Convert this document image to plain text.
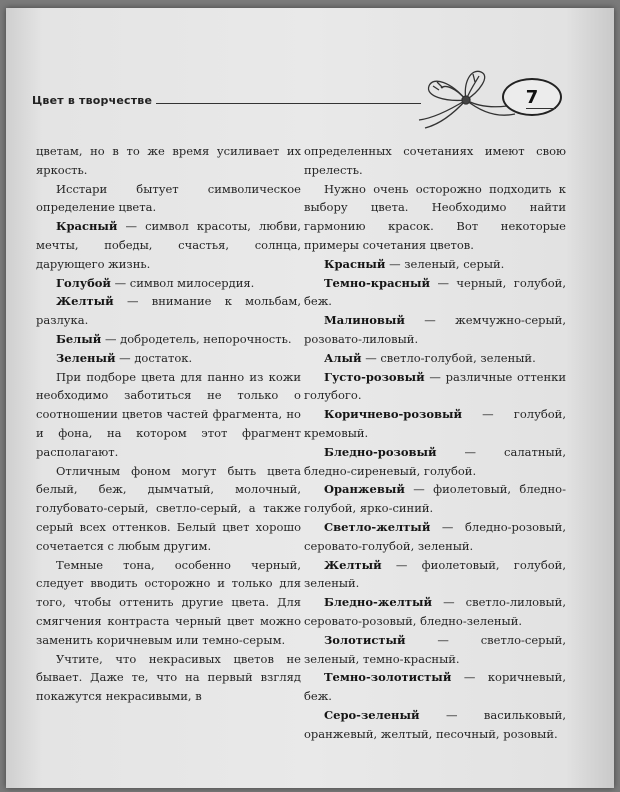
Цвет в творчестве	7

цветам, но в то же время усиливает их яркость.

Исстари бытует символическое определение цвета.

Красный — символ красоты, любви, мечты, победы, счастья, солнца, дарующего жизнь.

Голубой — символ милосердия.

Желтый — внимание к мольбам, разлука.

Белый — добродетель, непорочность.

Зеленый — достаток.

При подборе цвета для панно из кожи необходимо заботиться не только о соотношении цветов частей фрагмента, но и фона, на котором этот фрагмент располагают.

Отличным фоном могут быть цвета белый, беж, дымчатый, молочный, голубовато-серый, светло-серый, а также серый всех оттенков. Белый цвет хорошо сочетается с любым другим.

Темные тона, особенно черный, следует вводить осторожно и только для того, чтобы оттенить другие цвета. Для смягчения контраста черный цвет можно заменить коричневым или темно-серым.

Учтите, что некрасивых цветов не бывает. Даже те, что на первый взгляд покажутся некрасивыми, в

определенных сочетаниях имеют свою прелесть.

Нужно очень осторожно подходить к выбору цвета. Необходимо найти гармонию красок. Вот некоторые примеры сочетания цветов.

Красный — зеленый, серый.

Темно-красный — черный, голубой, беж.

Малиновый — жемчужно-серый, розовато-лиловый.

Алый — светло-голубой, зеленый.

Густо-розовый — различные оттенки голубого.

Коричнево-розовый — голубой, кремовый.

Бледно-розовый — салатный, бледно-сиреневый, голубой.

Оранжевый — фиолетовый, бледно-голубой, ярко-синий.

Светло-желтый — бледно-розовый, серовато-голубой, зеленый.

Желтый — фиолетовый, голубой, зеленый.

Бледно-желтый — светло-лиловый, серовато-розовый, бледно-зеленый.

Золотистый — светло-серый, зеленый, темно-красный.

Темно-золотистый — коричневый, беж.

Серо-зеленый — васильковый, оранжевый, желтый, песочный, розовый.
